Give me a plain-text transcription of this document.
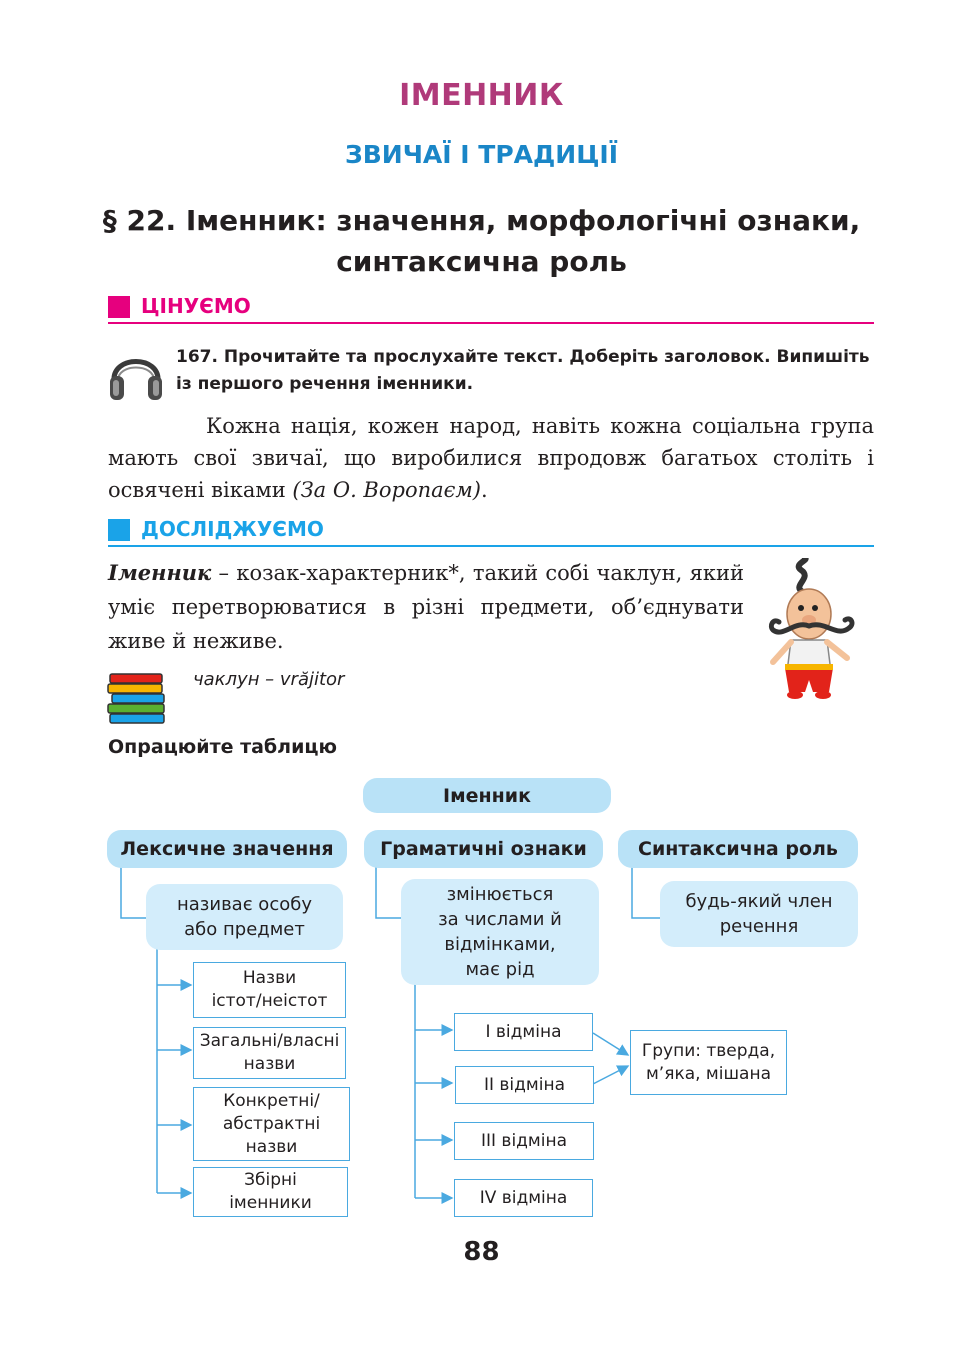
ІМЕННИК
ЗВИЧАЇ І ТРАДИЦІЇ
§ 22. Іменник: значення, морфологічні ознаки, синтаксична роль
ЦІНУЄМО
167. Прочитайте та прослухайте текст. Доберіть заголовок. Випишіть із першого речення іменники.
Кожна нація, кожен народ, навіть кожна соціальна група мають свої звичаї, що виробилися впродовж багатьох століть і освячені віками (За О. Воропаєм).
ДОСЛІДЖУЄМО
Іменник – козак-характерник*, такий собі чаклун, який уміє перетворюватися в різні предмети, об’єднувати живе й неживе.
чаклун – vrăjitor
Опрацюйте таблицю
Іменник
Лексичне значення	Граматичні ознаки	Синтаксична роль
називає особу
або предмет
змінюється
за числами й
відмінками,
має рід
будь-який член
речення
Назви
істот/неістот
Загальні/власні
назви
Конкретні/
абстрактні
назви
Збірні
іменники
І відміна
ІІ відміна
ІІІ відміна
ІV відміна
Групи: тверда,
м’яка, мішана
88
